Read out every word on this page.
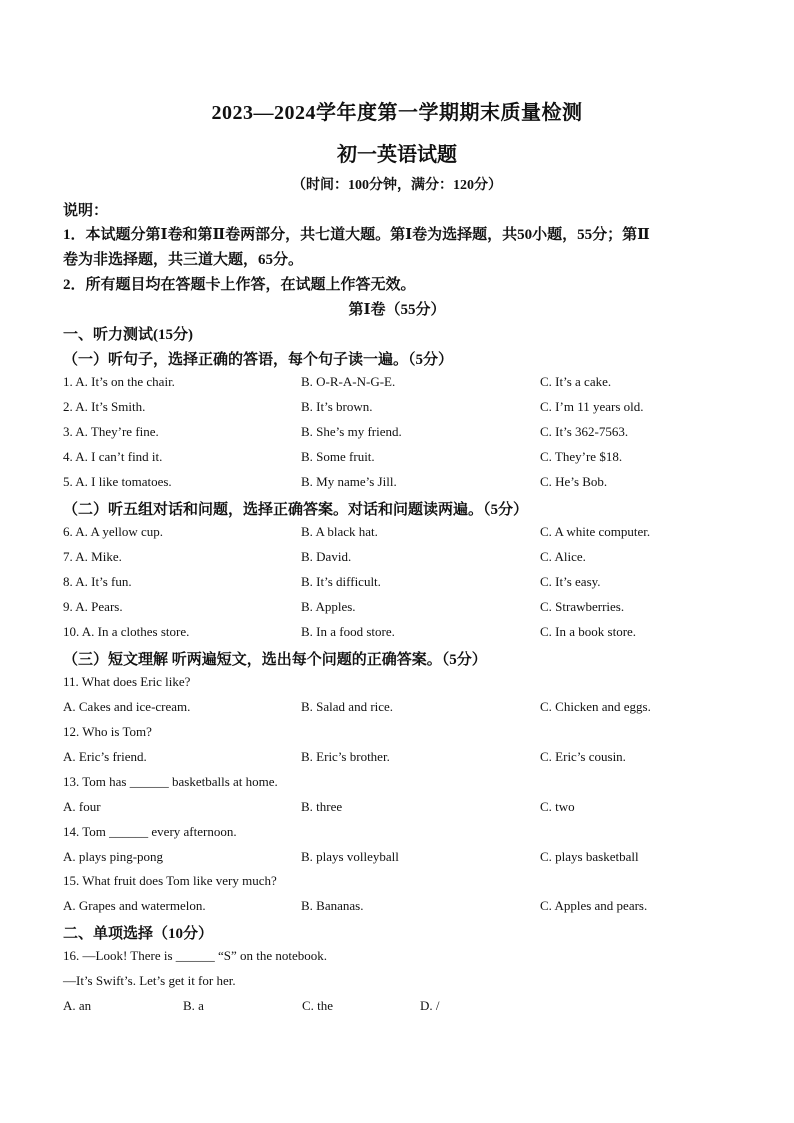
2023—2024学年度第一学期期末质量检测
初一英语试题
（时间：100分钟，满分：120分）
说明：
1．本试题分第Ⅰ卷和第Ⅱ卷两部分，共七道大题。第Ⅰ卷为选择题，共50小题，55分；第Ⅱ
卷为非选择题，共三道大题，65分。
2．所有题目均在答题卡上作答，在试题上作答无效。
第Ⅰ卷（55分）
一、听力测试(15分)
（一）听句子，选择正确的答语，每个句子读一遍。（5分）
1. A. It’s on the chair.	B. O-R-A-N-G-E.	C. It’s a cake.
2. A. It’s Smith.	B. It’s brown.	C. I’m 11 years old.
3. A. They’re fine.	B. She’s my friend.	C. It’s 362-7563.
4. A. I can’t find it.	B. Some fruit.	C. They’re $18.
5. A. I like tomatoes.	B. My name’s Jill.	C. He’s Bob.
（二）听五组对话和问题，选择正确答案。对话和问题读两遍。（5分）
6. A. A yellow cup.	B. A black hat.	C. A white computer.
7. A. Mike.	B. David.	C. Alice.
8. A. It’s fun.	B. It’s difficult.	C. It’s easy.
9. A. Pears.	B. Apples.	C. Strawberries.
10. A. In a clothes store.	B. In a food store.	C. In a book store.
（三）短文理解 听两遍短文，选出每个问题的正确答案。（5分）
11. What does Eric like?
A. Cakes and ice-cream.	B. Salad and rice.	C. Chicken and eggs.
12. Who is Tom?
A. Eric’s friend.	B. Eric’s brother.	C. Eric’s cousin.
13. Tom has ______ basketballs at home.
A. four	B. three	C. two
14. Tom ______ every afternoon.
A. plays ping-pong	B. plays volleyball	C. plays basketball
15. What fruit does Tom like very much?
A. Grapes and watermelon.	B. Bananas.	C. Apples and pears.
二、单项选择（10分）
16. —Look! There is ______ “S” on the notebook.
—It’s Swift’s. Let’s get it for her.
A. an	B. a	C. the	D. /
